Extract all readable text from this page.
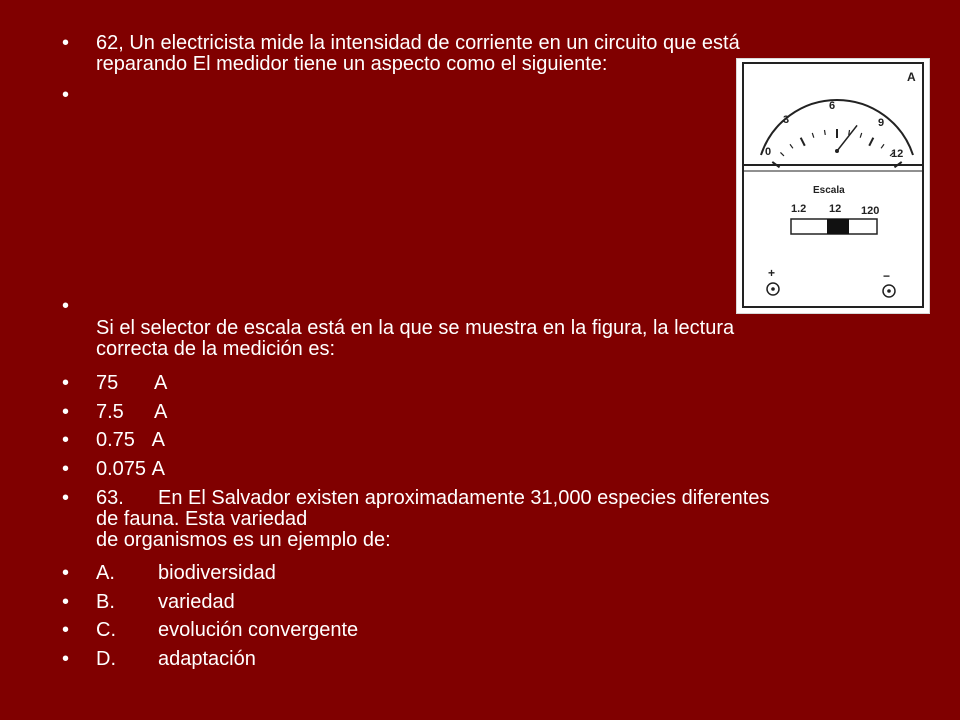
•	62, Un electricista mide la intensidad de corriente en un circuito que está
reparando El medidor tiene un aspecto como el siguiente:
•
•
Si el selector de escala está en la que se muestra en la figura, la lectura
correcta de la medición es:
•	75 A
•	7.5 A
•	0.75 A
•	0.075 A
•	63. En El Salvador existen aproximadamente 31,000 especies diferentes
de fauna. Esta variedad
de organismos es un ejemplo de:
•	A. biodiversidad
•	B. variedad
•	C. evolución convergente
•	D. adaptación
0
3
6
9
12
A
Escala
1.2 12 120
+	−
